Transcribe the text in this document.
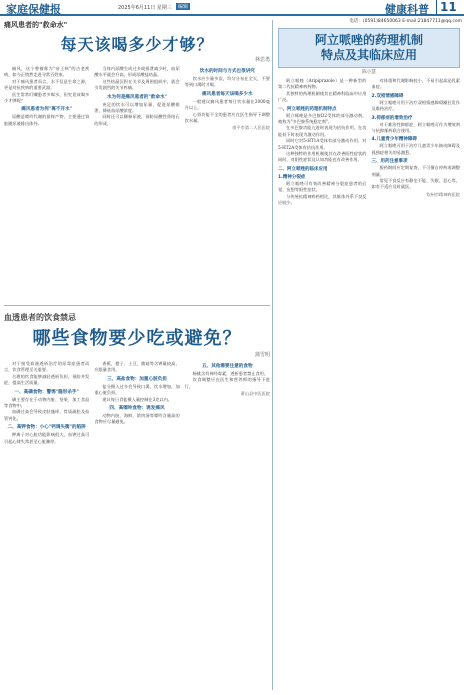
家庭保健报	2025年6月11日 星期三	编辑	健康科普 11
电话：(0591)84650063 E-mail:21847711@qq.com
痛风患者的"救命水"
每天该喝多少才够？
林思勇

痛风，这个曾被称为"帝王病"的古老疾病，如今正悄然走进寻常百姓家。

对于痛风患者而言，水不仅是生命之源，更是对抗疾病的重要武器。

医生常常叮嘱患者多喝水，但究竟该喝多少才够呢？

痛风患者为何"离不开水"

尿酸是嘌呤代谢的最终产物，主要通过肾脏随尿液排出体外。

当体内尿酸生成过多或排泄减少时，血尿酸水平就会升高，形成尿酸盐结晶。

这些结晶沉积在关节及周围组织中，就会引发剧烈的关节疼痛。

水为何是痛风患者的"救命水"

充足的饮水可以增加尿量，促进尿酸排泄，降低血尿酸浓度。

同时还可以稀释尿液，预防尿酸性肾结石的形成。

饮水的时间与方式也很讲究

饮水应少量多次，均匀分布在全天，不要等到口渴时才喝。

痛风患者每天该喝多少水

一般建议痛风患者每日饮水量在2000毫升以上。

心肾功能不全的患者应在医生指导下调整饮水量。

南平市第二人民医院
血透患者的饮食禁忌
哪些食物要少吃或避免？
蒲雪明

对于接受血液透析治疗的尿毒症患者而言，饮食管理至关重要。

合理的饮食能够减轻透析负担，预防并发症，提高生活质量。

一、高磷食物：警惕"隐形杀手"

磷主要存在于动物内脏、坚果、加工食品等食物中。

血磷过高会导致皮肤瘙痒、骨质疏松及血管钙化。

二、高钾食物：小心"钙调失衡"的陷阱

钾离子对心脏功能影响很大，血钾过高可引起心律失常甚至心脏骤停。

香蕉、橙子、土豆、菌菇等含钾量较高，应限量食用。

三、高盐食物：加重心脏负担

盐分摄入过多会导致口渴，饮水增加，加重心脏负担。

建议每日食盐摄入量控制在3克以内。

四、高嘌呤食物：诱发痛风

动物内脏、海鲜、浓肉汤等嘌呤含量高的食物应尽量避免。

五、其他需要注意的食物

杨桃含有神经毒素，透析患者禁止食用。

饮食调整应在医生和营养师的指导下进行。

莆山县中医医院
阿立哌唑的药理机制
特点及其临床应用
陈小慧

阿立哌唑（Aripiprazole）是一种新型的第二代抗精神病药物。

其独特的药理机制使其在精神科临床中应用广泛。

一、阿立哌唑的药理机制特点

阿立哌唑是多巴胺D2受体的部分激动剂，被称为"多巴胺系统稳定剂"。

在多巴胺功能亢进时表现为拮抗作用，在功能低下时表现为激动作用。

同时它对5-HT1A受体有部分激动作用，对5-HT2A受体有拮抗作用。

这种独特的作用机制使其在改善阳性症状的同时，对阴性症状及认知功能也有改善作用。

二、阿立哌唑的临床应用
1.精神分裂症

阿立哌唑可有效改善精神分裂症患者的幻觉、妄想等阳性症状。

与传统抗精神病药相比，其锥体外系不良反应较少。

对体重和代谢影响较小，不易引起高泌乳素血症。

2.双相情感障碍

阿立哌唑可用于治疗双相情感障碍躁狂发作及维持治疗。

3.抑郁症的增效治疗

对于难治性抑郁症，阿立哌唑可作为增效剂与抗抑郁药联合使用。

4.儿童青少年精神障碍

阿立哌唑可用于治疗儿童青少年抽动障碍及孤独症相关的易激惹。

三、用药注意事项

服药期间应定期复查，不可擅自停药或调整剂量。

常见不良反应有静坐不能、失眠、恶心等，如有不适应及时就医。

钦州市精神病医院
